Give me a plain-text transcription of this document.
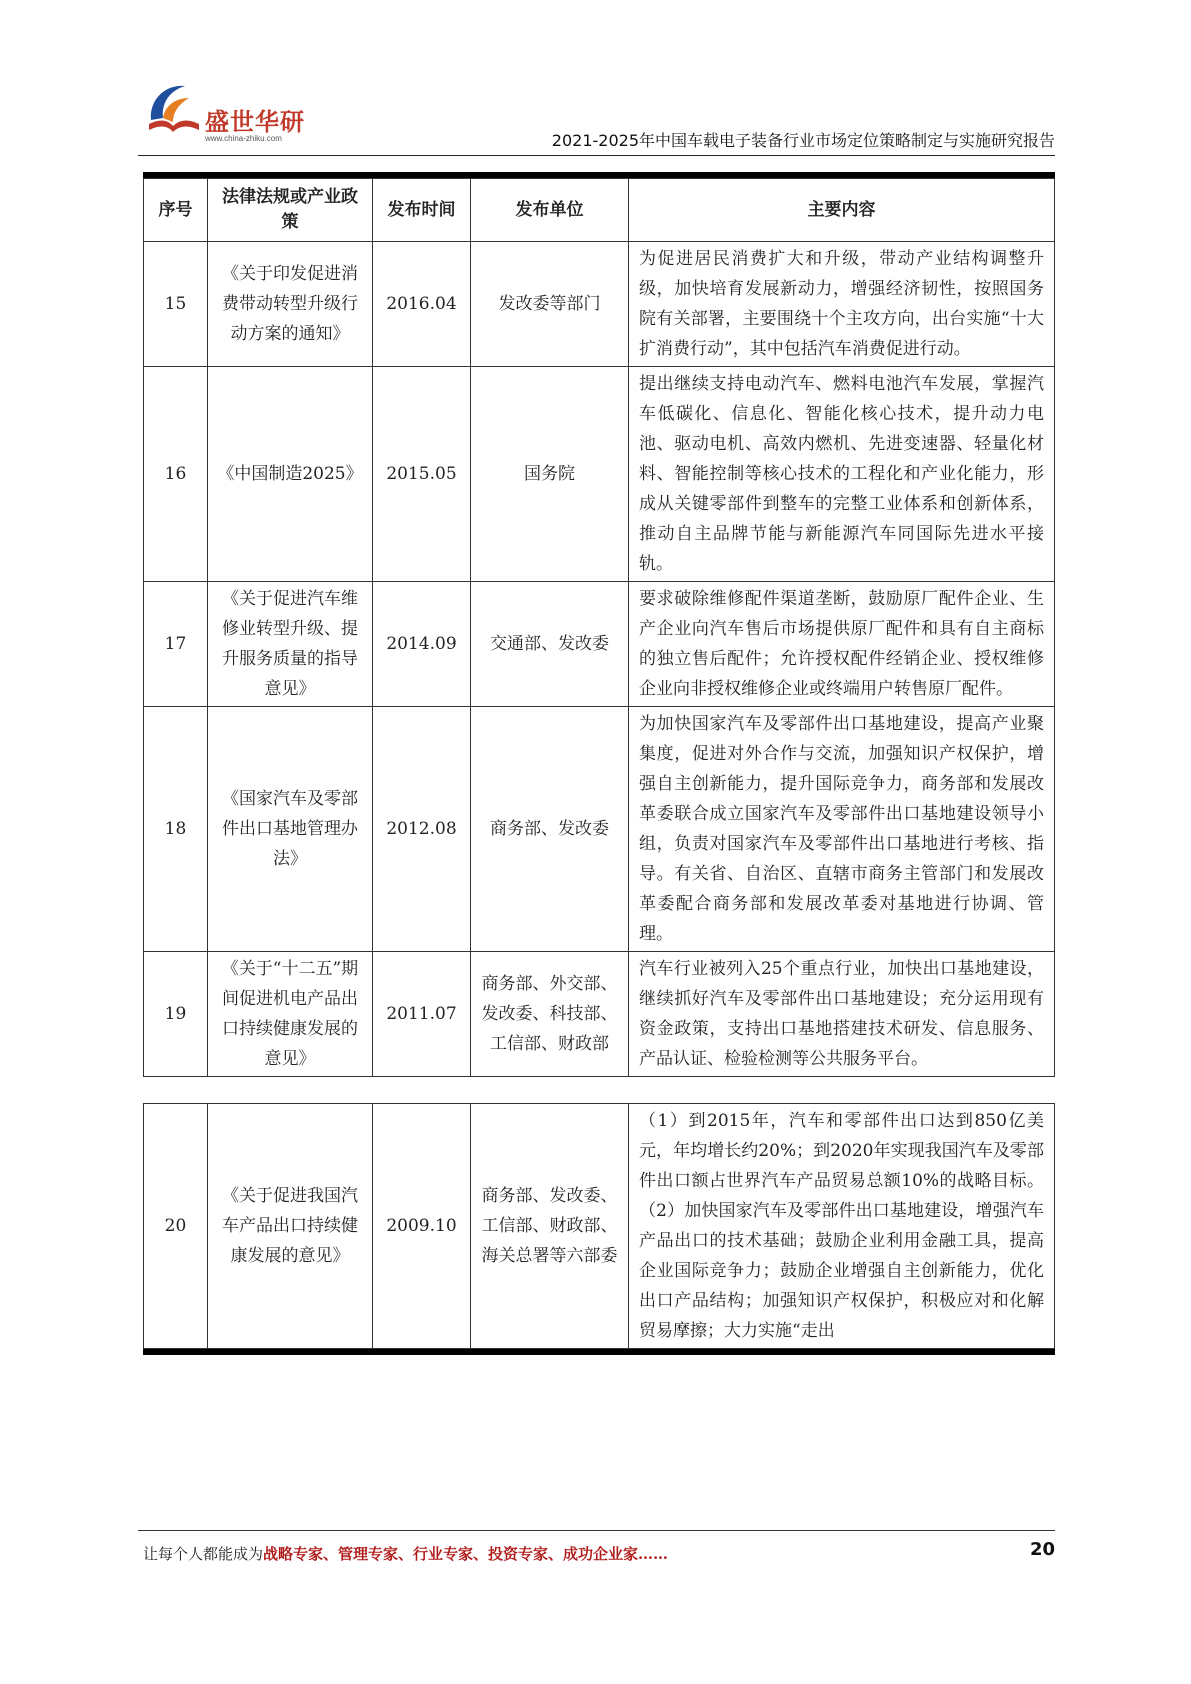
盛世华研
www.china-zhiku.com	2021-2025年中国车载电子装备行业市场定位策略制定与实施研究报告
序号	法律法规或产业政策	发布时间	发布单位	主要内容
15	《关于印发促进消费带动转型升级行动方案的通知》	2016.04	发改委等部门	为促进居民消费扩大和升级，带动产业结构调整升级，加快培育发展新动力，增强经济韧性，按照国务院有关部署，主要围绕十个主攻方向，出台实施“十大扩消费行动”，其中包括汽车消费促进行动。
16	《中国制造2025》	2015.05	国务院	提出继续支持电动汽车、燃料电池汽车发展，掌握汽车低碳化、信息化、智能化核心技术，提升动力电池、驱动电机、高效内燃机、先进变速器、轻量化材料、智能控制等核心技术的工程化和产业化能力，形成从关键零部件到整车的完整工业体系和创新体系，推动自主品牌节能与新能源汽车同国际先进水平接轨。
17	《关于促进汽车维修业转型升级、提升服务质量的指导意见》	2014.09	交通部、发改委	要求破除维修配件渠道垄断，鼓励原厂配件企业、生产企业向汽车售后市场提供原厂配件和具有自主商标的独立售后配件；允许授权配件经销企业、授权维修企业向非授权维修企业或终端用户转售原厂配件。
18	《国家汽车及零部件出口基地管理办法》	2012.08	商务部、发改委	为加快国家汽车及零部件出口基地建设，提高产业聚集度，促进对外合作与交流，加强知识产权保护，增强自主创新能力，提升国际竞争力，商务部和发展改革委联合成立国家汽车及零部件出口基地建设领导小组，负责对国家汽车及零部件出口基地进行考核、指导。有关省、自治区、直辖市商务主管部门和发展改革委配合商务部和发展改革委对基地进行协调、管理。
19	《关于“十二五”期间促进机电产品出口持续健康发展的意见》	2011.07	商务部、外交部、发改委、科技部、工信部、财政部	汽车行业被列入25个重点行业，加快出口基地建设，继续抓好汽车及零部件出口基地建设；充分运用现有资金政策，支持出口基地搭建技术研发、信息服务、产品认证、检验检测等公共服务平台。
20	《关于促进我国汽车产品出口持续健康发展的意见》	2009.10	商务部、发改委、工信部、财政部、海关总署等六部委	（1）到2015年，汽车和零部件出口达到850亿美元，年均增长约20%；到2020年实现我国汽车及零部件出口额占世界汽车产品贸易总额10%的战略目标。（2）加快国家汽车及零部件出口基地建设，增强汽车产品出口的技术基础；鼓励企业利用金融工具，提高企业国际竞争力；鼓励企业增强自主创新能力，优化出口产品结构；加强知识产权保护，积极应对和化解贸易摩擦；大力实施“走出
让每个人都能成为战略专家、管理专家、行业专家、投资专家、成功企业家……	20
